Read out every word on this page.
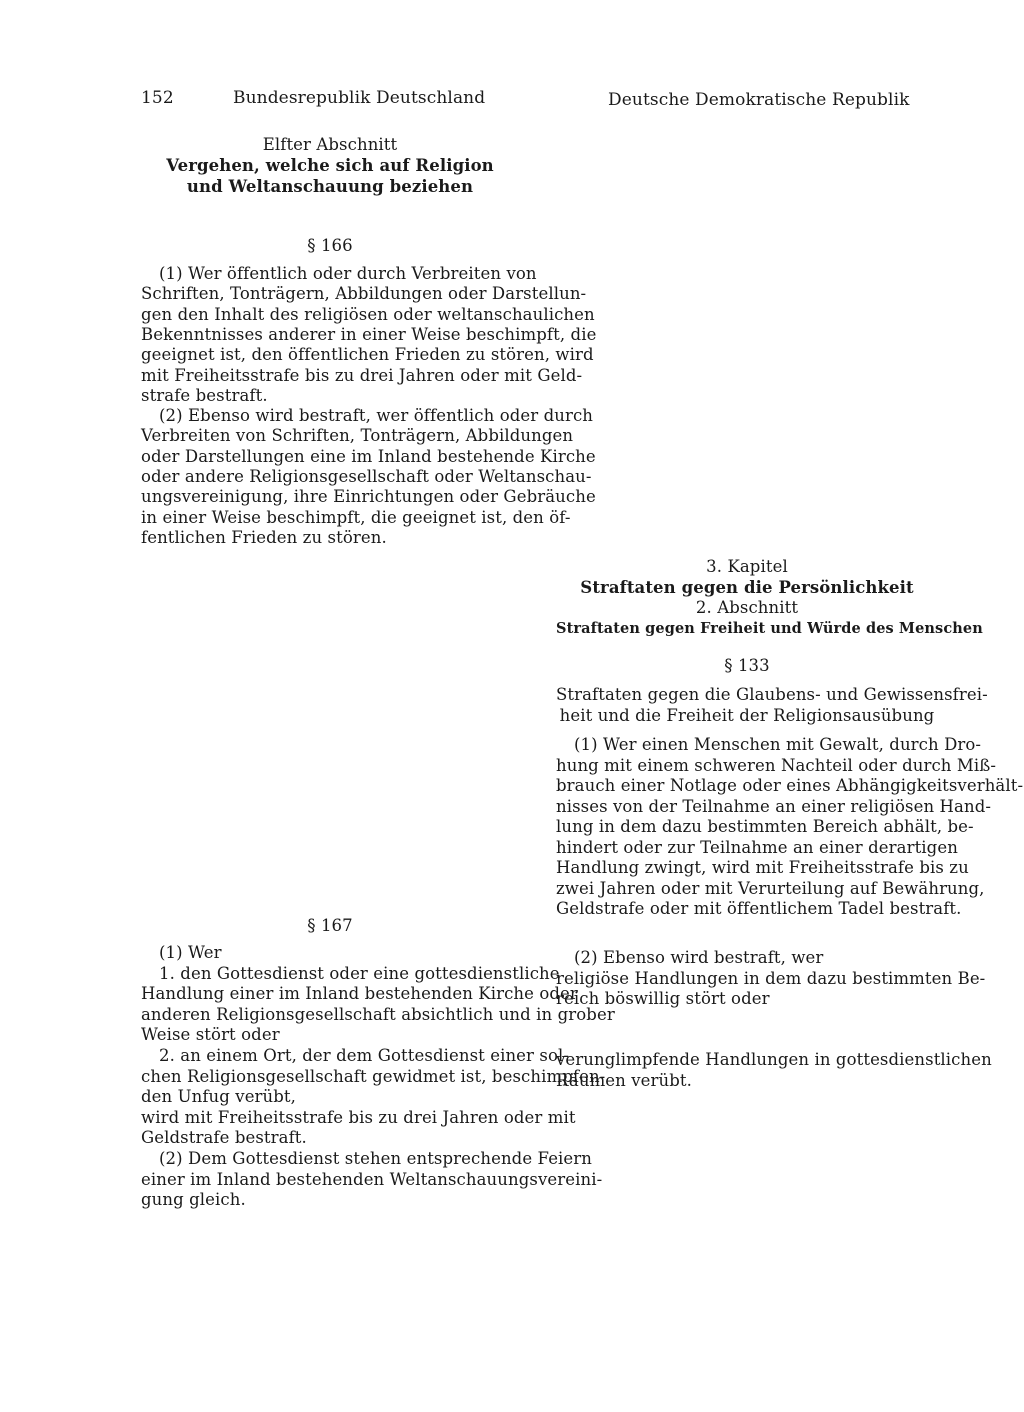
152	Bundesrepublik Deutschland	Deutsche Demokratische Republik
Elfter Abschnitt
Vergehen, welche sich auf Religion
und Weltanschauung beziehen
§ 166
(1) Wer öffentlich oder durch Verbreiten von
Schriften, Tonträgern, Abbildungen oder Darstellun-
gen den Inhalt des religiösen oder weltanschaulichen
Bekenntnisses anderer in einer Weise beschimpft, die
geeignet ist, den öffentlichen Frieden zu stören, wird
mit Freiheitsstrafe bis zu drei Jahren oder mit Geld-
strafe bestraft.
(2) Ebenso wird bestraft, wer öffentlich oder durch
Verbreiten von Schriften, Tonträgern, Abbildungen
oder Darstellungen eine im Inland bestehende Kirche
oder andere Religionsgesellschaft oder Weltanschau-
ungsvereinigung, ihre Einrichtungen oder Gebräuche
in einer Weise beschimpft, die geeignet ist, den öf-
fentlichen Frieden zu stören.
§ 167
(1) Wer
1. den Gottesdienst oder eine gottesdienstliche
Handlung einer im Inland bestehenden Kirche oder
anderen Religionsgesellschaft absichtlich und in grober
Weise stört oder
2. an einem Ort, der dem Gottesdienst einer sol-
chen Religionsgesellschaft gewidmet ist, beschimpfen-
den Unfug verübt,
wird mit Freiheitsstrafe bis zu drei Jahren oder mit
Geldstrafe bestraft.
(2) Dem Gottesdienst stehen entsprechende Feiern
einer im Inland bestehenden Weltanschauungsvereini-
gung gleich.
3. Kapitel
Straftaten gegen die Persönlichkeit
2. Abschnitt
Straftaten gegen Freiheit und Würde des Menschen
§ 133
Straftaten gegen die Glaubens- und Gewissensfrei-
heit und die Freiheit der Religionsausübung
(1) Wer einen Menschen mit Gewalt, durch Dro-
hung mit einem schweren Nachteil oder durch Miß-
brauch einer Notlage oder eines Abhängigkeitsverhält-
nisses von der Teilnahme an einer religiösen Hand-
lung in dem dazu bestimmten Bereich abhält, be-
hindert oder zur Teilnahme an einer derartigen
Handlung zwingt, wird mit Freiheitsstrafe bis zu
zwei Jahren oder mit Verurteilung auf Bewährung,
Geldstrafe oder mit öffentlichem Tadel bestraft.
(2) Ebenso wird bestraft, wer
religiöse Handlungen in dem dazu bestimmten Be-
reich böswillig stört oder
verunglimpfende Handlungen in gottesdienstlichen
Räumen verübt.
